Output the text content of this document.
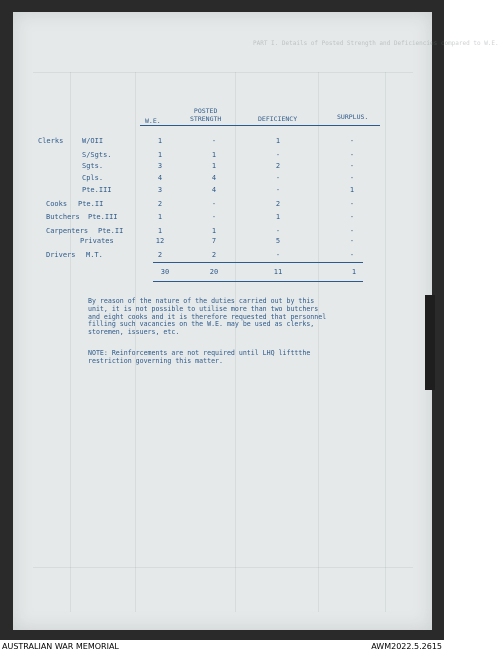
PART I. Details of Posted Strength and Deficiencies compared to W.E.
W.E.
POSTED
STRENGTH	DEFICIENCY	SURPLUS.
Clerks	W/OII	1	-	1	-
S/Sgts.	1	1	-	-
Sgts.	3	1	2	-
Cpls.	4	4	-	-
Pte.III	3	4	-	1
Cooks Pte.II	2	-	2	-
Butchers Pte.III	1	-	1	-
Carpenters Pte.II	1	1	-	-
Privates	12	7	5	-
Drivers M.T.	2	2	-	-
30	20	11	1
By reason of the nature of the duties carried out by this
unit, it is not possible to utilise more than two butchers
and eight cooks and it is therefore requested that personnel
filling such vacancies on the W.E. may be used as clerks,
storemen, issuers, etc.
NOTE: Reinforcements are not required until LHQ lifttthe
restriction governing this matter.
AUSTRALIAN WAR MEMORIAL	AWM2022.5.2615
